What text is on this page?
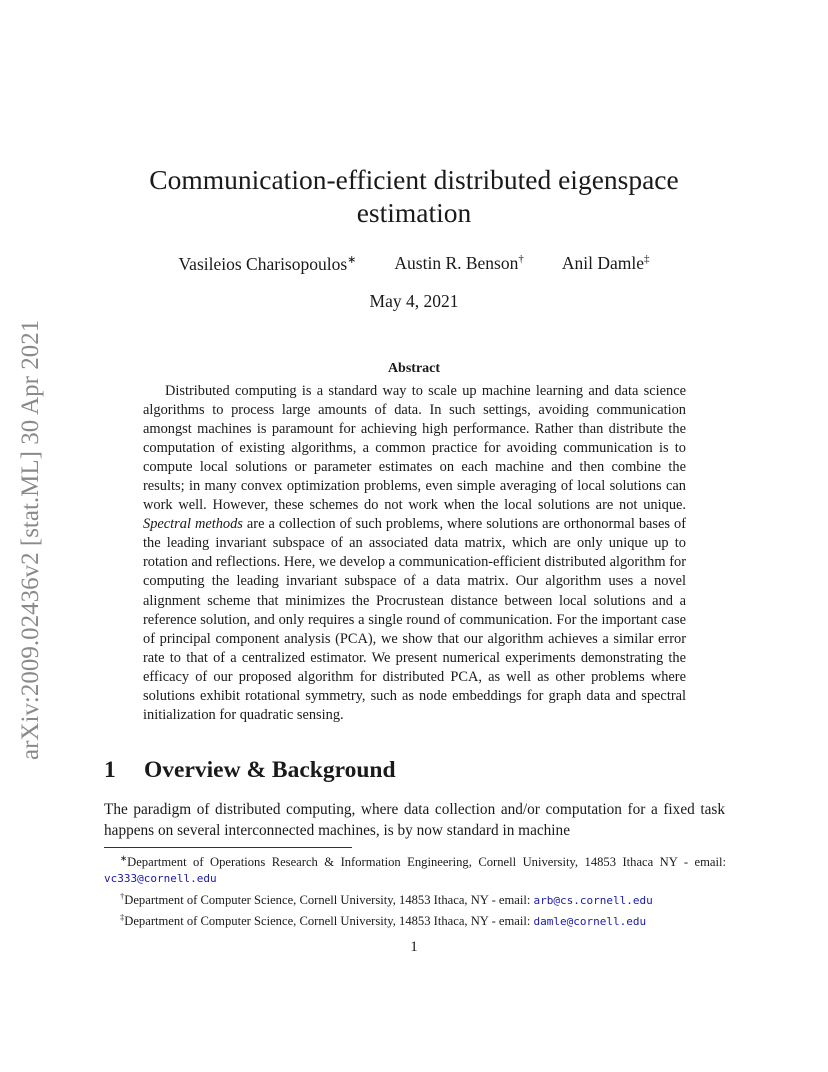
arXiv:2009.02436v2 [stat.ML] 30 Apr 2021
Communication-efficient distributed eigenspace estimation
Vasileios Charisopoulos∗ Austin R. Benson† Anil Damle‡
May 4, 2021
Abstract

Distributed computing is a standard way to scale up machine learning and data science algorithms to process large amounts of data. In such settings, avoiding communication amongst machines is paramount for achieving high performance. Rather than distribute the computation of existing algorithms, a common practice for avoiding communication is to compute local solutions or parameter estimates on each machine and then combine the results; in many convex optimization problems, even simple averaging of local solutions can work well. However, these schemes do not work when the local solutions are not unique. Spectral methods are a collection of such problems, where solutions are orthonormal bases of the leading invariant subspace of an associated data matrix, which are only unique up to rotation and reflections. Here, we develop a communication-efficient distributed algorithm for computing the leading invariant subspace of a data matrix. Our algorithm uses a novel alignment scheme that minimizes the Procrustean distance between local solutions and a reference solution, and only requires a single round of communication. For the important case of principal component analysis (PCA), we show that our algorithm achieves a similar error rate to that of a centralized estimator. We present numerical experiments demonstrating the efficacy of our proposed algorithm for distributed PCA, as well as other problems where solutions exhibit rotational symmetry, such as node embeddings for graph data and spectral initialization for quadratic sensing.

1 Overview & Background

The paradigm of distributed computing, where data collection and/or computation for a fixed task happens on several interconnected machines, is by now standard in machine

∗Department of Operations Research & Information Engineering, Cornell University, 14853 Ithaca NY - email: vc333@cornell.edu

†Department of Computer Science, Cornell University, 14853 Ithaca, NY - email: arb@cs.cornell.edu

‡Department of Computer Science, Cornell University, 14853 Ithaca, NY - email: damle@cornell.edu

1
